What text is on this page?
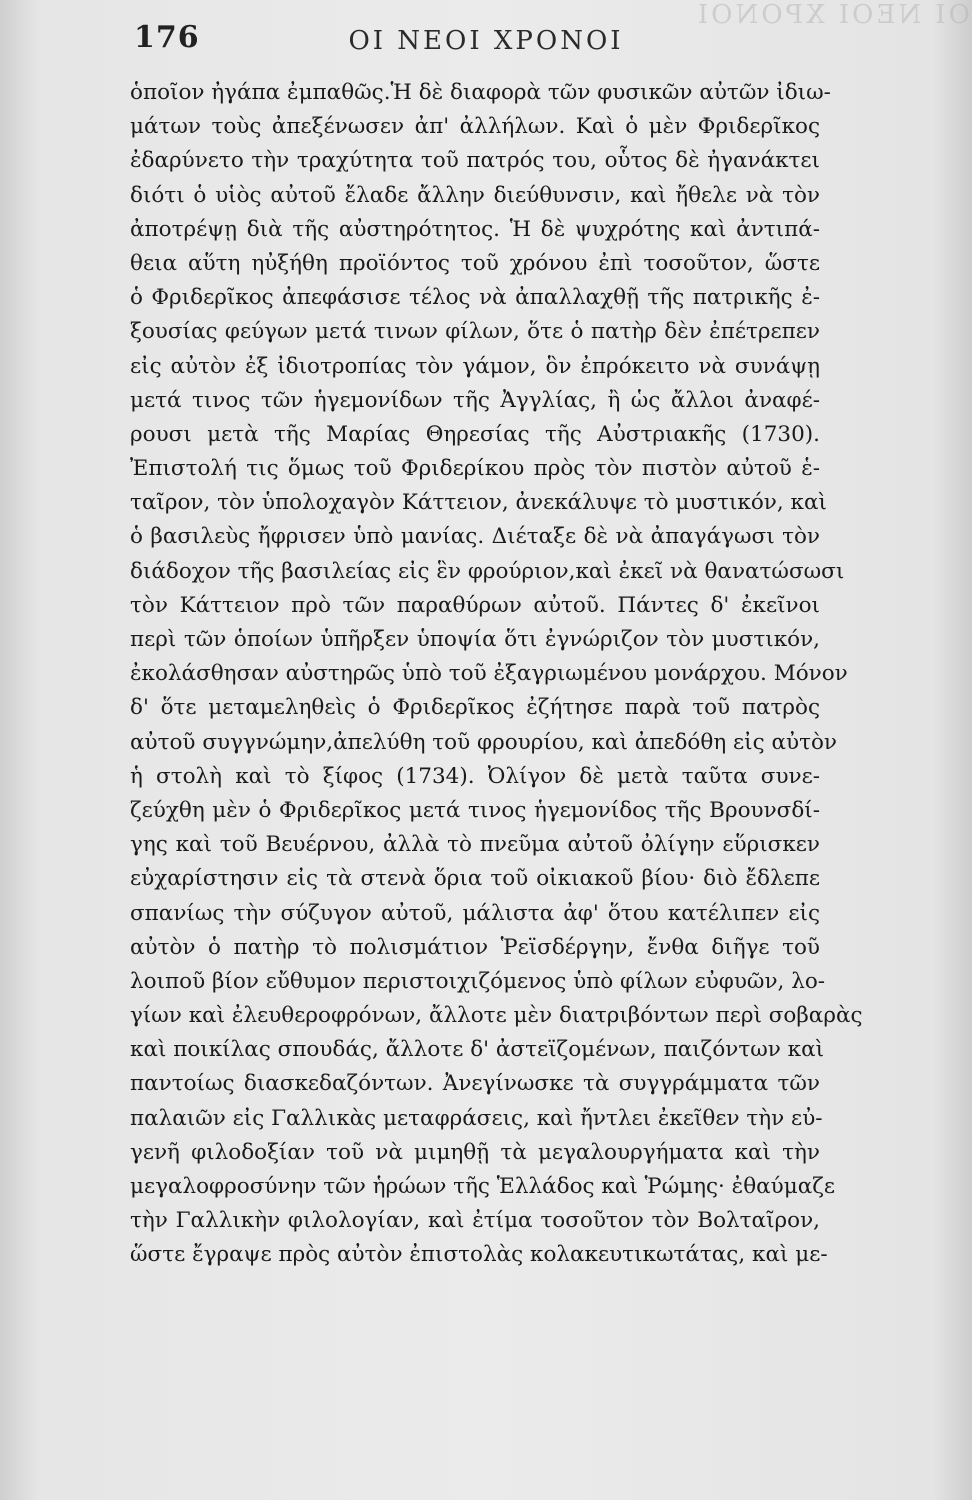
ΟΙ ΝΕΟΙ ΧΡΟΝΟΙ
176	ΟΙ ΝΕΟΙ ΧΡΟΝΟΙ
ὁποῖον ἠγάπα ἐμπαθῶς.Ἡ δὲ διαφορὰ τῶν φυσικῶν αὐτῶν ἰδιω-
μάτων τοὺς ἀπεξένωσεν ἀπ' ἀλλήλων. Καὶ ὁ μὲν Φριδερῖκος
ἐδαρύνετο τὴν τραχύτητα τοῦ πατρός του, οὗτος δὲ ἠγανάκτει
διότι ὁ υἱὸς αὐτοῦ ἔλαδε ἄλλην διεύθυνσιν, καὶ ἤθελε νὰ τὸν
ἀποτρέψῃ διὰ τῆς αὐστηρότητος. Ἡ δὲ ψυχρότης καὶ ἀντιπά-
θεια αὕτη ηὐξήθη προϊόντος τοῦ χρόνου ἐπὶ τοσοῦτον, ὥστε
ὁ Φριδερῖκος ἀπεφάσισε τέλος νὰ ἀπαλλαχθῇ τῆς πατρικῆς ἐ-
ξουσίας φεύγων μετά τινων φίλων, ὅτε ὁ πατὴρ δὲν ἐπέτρεπεν
εἰς αὐτὸν ἐξ ἰδιοτροπίας τὸν γάμον, ὃν ἐπρόκειτο νὰ συνάψῃ
μετά τινος τῶν ἡγεμονίδων τῆς Ἀγγλίας, ἢ ὡς ἄλλοι ἀναφέ-
ρουσι μετὰ τῆς Μαρίας Θηρεσίας τῆς Αὐστριακῆς (1730).
Ἐπιστολή τις ὅμως τοῦ Φριδερίκου πρὸς τὸν πιστὸν αὐτοῦ ἑ-
ταῖρον, τὸν ὑπολοχαγὸν Κάττειον, ἀνεκάλυψε τὸ μυστικόν, καὶ
ὁ βασιλεὺς ἤφρισεν ὑπὸ μανίας. Διέταξε δὲ νὰ ἀπαγάγωσι τὸν
διάδοχον τῆς βασιλείας εἰς ἓν φρούριον,καὶ ἐκεῖ νὰ θανατώσωσι
τὸν Κάττειον πρὸ τῶν παραθύρων αὐτοῦ. Πάντες δ' ἐκεῖνοι
περὶ τῶν ὁποίων ὑπῆρξεν ὑποψία ὅτι ἐγνώριζον τὸν μυστικόν,
ἐκολάσθησαν αὐστηρῶς ὑπὸ τοῦ ἐξαγριωμένου μονάρχου. Μόνον
δ' ὅτε μεταμεληθεὶς ὁ Φριδερῖκος ἐζήτησε παρὰ τοῦ πατρὸς
αὐτοῦ συγγνώμην,ἀπελύθη τοῦ φρουρίου, καὶ ἀπεδόθη εἰς αὐτὸν
ἡ στολὴ καὶ τὸ ξίφος (1734). Ὀλίγον δὲ μετὰ ταῦτα συνε-
ζεύχθη μὲν ὁ Φριδερῖκος μετά τινος ἡγεμονίδος τῆς Βρουνσδί-
γης καὶ τοῦ Βευέρνου, ἀλλὰ τὸ πνεῦμα αὐτοῦ ὀλίγην εὕρισκεν
εὐχαρίστησιν εἰς τὰ στενὰ ὅρια τοῦ οἰκιακοῦ βίου· διὸ ἔδλεπε
σπανίως τὴν σύζυγον αὐτοῦ, μάλιστα ἀφ' ὅτου κατέλιπεν εἰς
αὐτὸν ὁ πατὴρ τὸ πολισμάτιον Ῥεϊσδέργην, ἔνθα διῆγε τοῦ
λοιποῦ βίον εὔθυμον περιστοιχιζόμενος ὑπὸ φίλων εὐφυῶν, λο-
γίων καὶ ἐλευθεροφρόνων, ἄλλοτε μὲν διατριβόντων περὶ σοβαρὰς
καὶ ποικίλας σπουδάς, ἄλλοτε δ' ἀστεϊζομένων, παιζόντων καὶ
παντοίως διασκεδαζόντων. Ἀνεγίνωσκε τὰ συγγράμματα τῶν
παλαιῶν εἰς Γαλλικὰς μεταφράσεις, καὶ ἤντλει ἐκεῖθεν τὴν εὐ-
γενῆ φιλοδοξίαν τοῦ νὰ μιμηθῇ τὰ μεγαλουργήματα καὶ τὴν
μεγαλοφροσύνην τῶν ἡρώων τῆς Ἑλλάδος καὶ Ῥώμης· ἐθαύμαζε
τὴν Γαλλικὴν φιλολογίαν, καὶ ἐτίμα τοσοῦτον τὸν Βολταῖρον,
ὥστε ἔγραψε πρὸς αὐτὸν ἐπιστολὰς κολακευτικωτάτας, καὶ με-
